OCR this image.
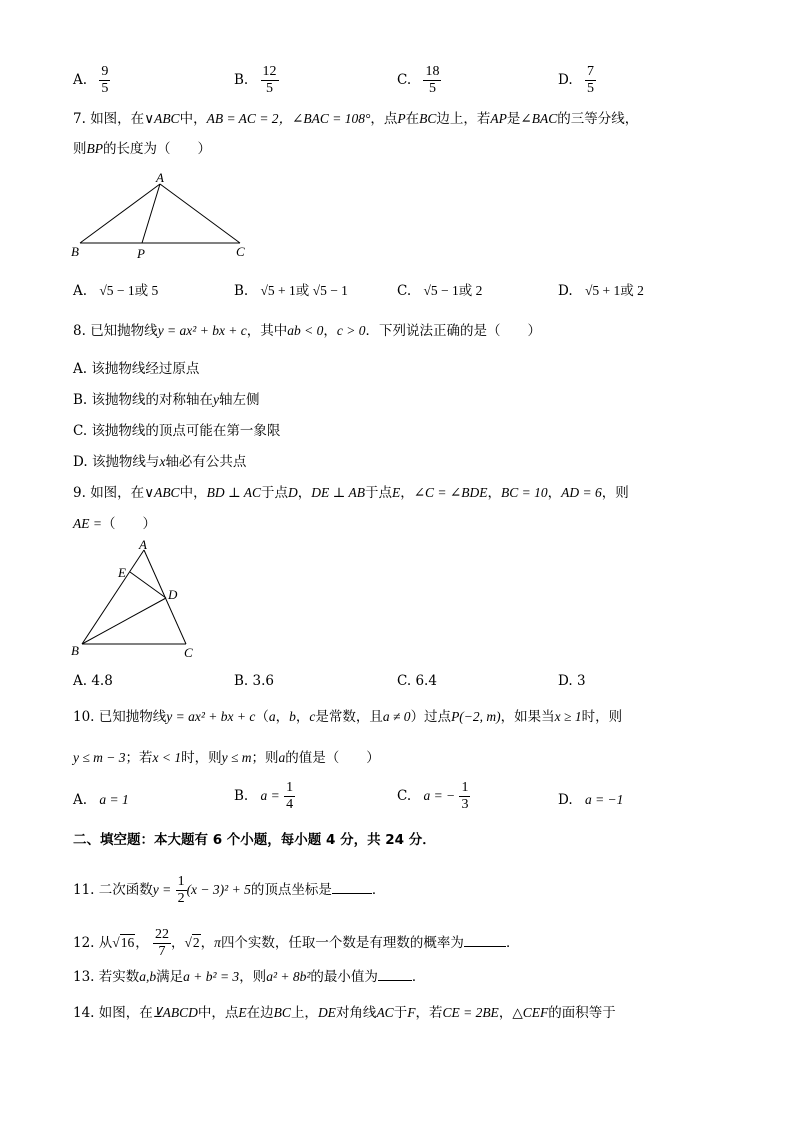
A. $\frac{9}{5}$	B. $\frac{12}{5}$	C. $\frac{18}{5}$	D. $\frac{7}{5}$
7. 如图，在∨ABC中，AB = AC = 2，∠BAC = 108°，点P在BC边上，若AP是∠BAC的三等分线，
则BP的长度为（　　）
A
B	P	C
A. √5 − 1或 5	B. √5 + 1或 √5 − 1	C. √5 − 1或 2	D. √5 + 1或 2
8. 已知抛物线y = ax² + bx + c，其中ab < 0，c > 0．下列说法正确的是（　　）
A. 该抛物线经过原点
B. 该抛物线的对称轴在y轴左侧
C. 该抛物线的顶点可能在第一象限
D. 该抛物线与x轴必有公共点
9. 如图，在∨ABC中，BD ⊥ AC于点D，DE ⊥ AB于点E，∠C = ∠BDE，BC = 10，AD = 6，则
AE =（　　）
A
E
D
B	C
A. 4.8	B. 3.6	C. 6.4	D. 3
10. 已知抛物线y = ax² + bx + c（a，b，c是常数，且a ≠ 0）过点P(−2, m)，如果当x ≥ 1时，则
y ≤ m − 3；若x < 1时，则y ≤ m；则a的值是（　　）
A. a = 1	B. $a = \frac{1}{4}$	C. a = − $\frac{1}{3}$	D. a = −1
二、填空题：本大题有 6 个小题，每小题 4 分，共 24 分．
11. 二次函数$y = \frac{1}{2} (x - 3)^2 + 5$的顶点坐标是	．
12. 从√16， $\frac{22}{7}$ ，√2，π四个实数，任取一个数是有理数的概率为	．
13. 若实数a,b满足a + b² = 3，则a² + 8b²的最小值为	．
14. 如图，在⊻ABCD中，点E在边BC上，DE对角线AC于F，若CE = 2BE，△CEF的面积等于
